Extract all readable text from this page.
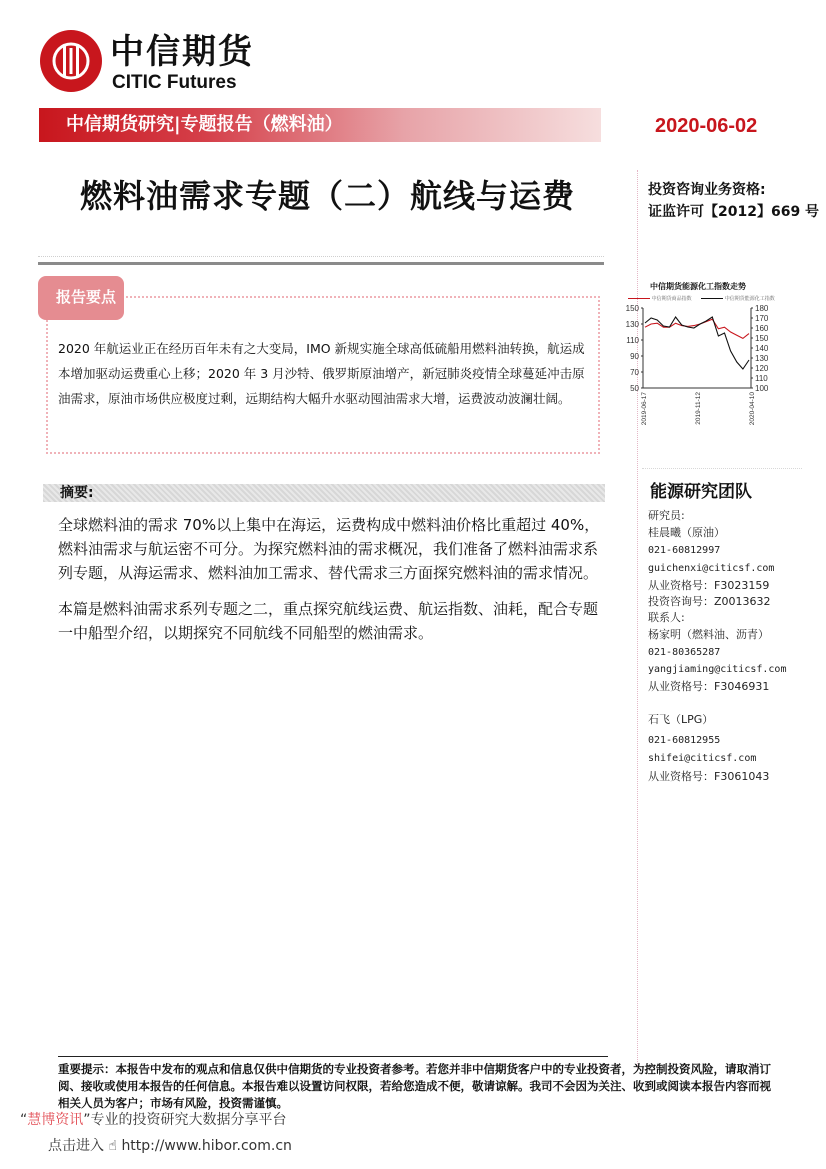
中信期货
CITIC Futures
中信期货研究|专题报告（燃料油）	2020-06-02
燃料油需求专题（二）航线与运费	投资咨询业务资格:
证监许可【2012】669 号
报告要点
2020 年航运业正在经历百年未有之大变局，IMO 新规实施全球高低硫船用燃料油转换，航运成本增加驱动运费重心上移；2020 年 3 月沙特、俄罗斯原油增产，新冠肺炎疫情全球蔓延冲击原油需求，原油市场供应极度过剩，远期结构大幅升水驱动囤油需求大增，运费波动波澜壮阔。
摘要:
全球燃料油的需求 70%以上集中在海运，运费构成中燃料油价格比重超过 40%，燃料油需求与航运密不可分。为探究燃料油的需求概况，我们准备了燃料油需求系列专题，从海运需求、燃料油加工需求、替代需求三方面探究燃料油的需求情况。
本篇是燃料油需求系列专题之二，重点探究航线运费、航运指数、油耗，配合专题一中船型介绍，以期探究不同航线不同船型的燃油需求。
中信期货能源化工指数走势
中信期货商品指数	中信期货能源化工指数
50
70
90
110
130
150
100
110
120
130
140
150
160
170
180
2019-06-17	2019-11-12	2020-04-10
能源研究团队
研究员:
桂晨曦（原油）
021-60812997
guichenxi@citicsf.com
从业资格号：F3023159
投资咨询号：Z0013632
联系人:
杨家明（燃料油、沥青）
021-80365287
yangjiaming@citicsf.com
从业资格号：F3046931
石飞（LPG）
021-60812955
shifei@citicsf.com
从业资格号：F3061043
重要提示：本报告中发布的观点和信息仅供中信期货的专业投资者参考。若您并非中信期货客户中的专业投资者，为控制投资风险，请取消订阅、接收或使用本报告的任何信息。本报告难以设置访问权限，若给您造成不便，敬请谅解。我司不会因为关注、收到或阅读本报告内容而视相关人员为客户；市场有风险，投资需谨慎。
“慧博资讯”专业的投资研究大数据分享平台
点击进入 ☝ http://www.hibor.com.cn
